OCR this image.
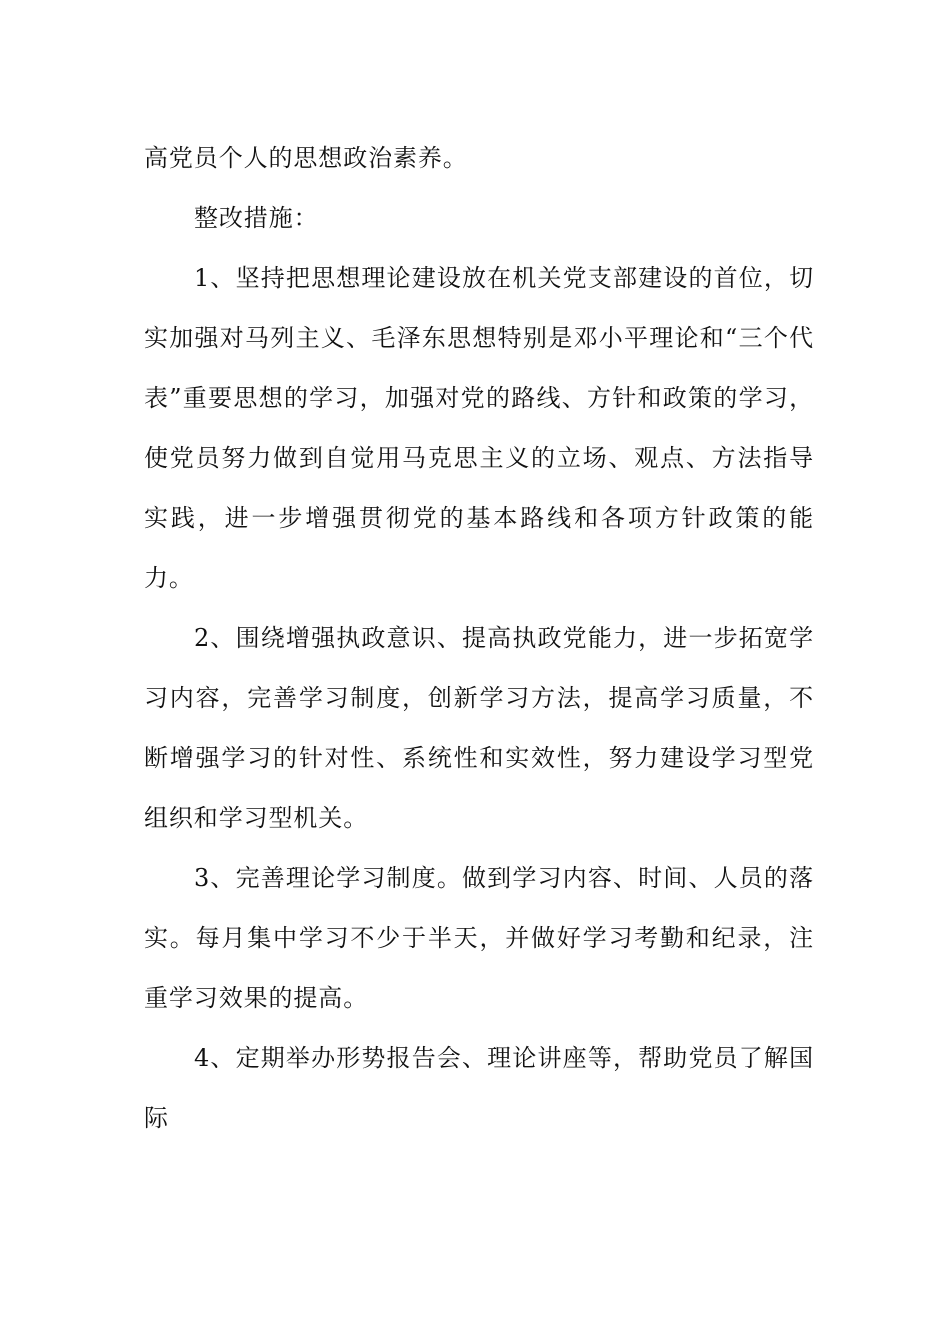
高党员个人的思想政治素养。

整改措施：

1、坚持把思想理论建设放在机关党支部建设的首位，切实加强对马列主义、毛泽东思想特别是邓小平理论和“三个代表”重要思想的学习，加强对党的路线、方针和政策的学习，使党员努力做到自觉用马克思主义的立场、观点、方法指导实践，进一步增强贯彻党的基本路线和各项方针政策的能力。

2、围绕增强执政意识、提高执政党能力，进一步拓宽学习内容，完善学习制度，创新学习方法，提高学习质量，不断增强学习的针对性、系统性和实效性，努力建设学习型党组织和学习型机关。

3、完善理论学习制度。做到学习内容、时间、人员的落实。每月集中学习不少于半天，并做好学习考勤和纪录，注重学习效果的提高。

4、定期举办形势报告会、理论讲座等，帮助党员了解国际
